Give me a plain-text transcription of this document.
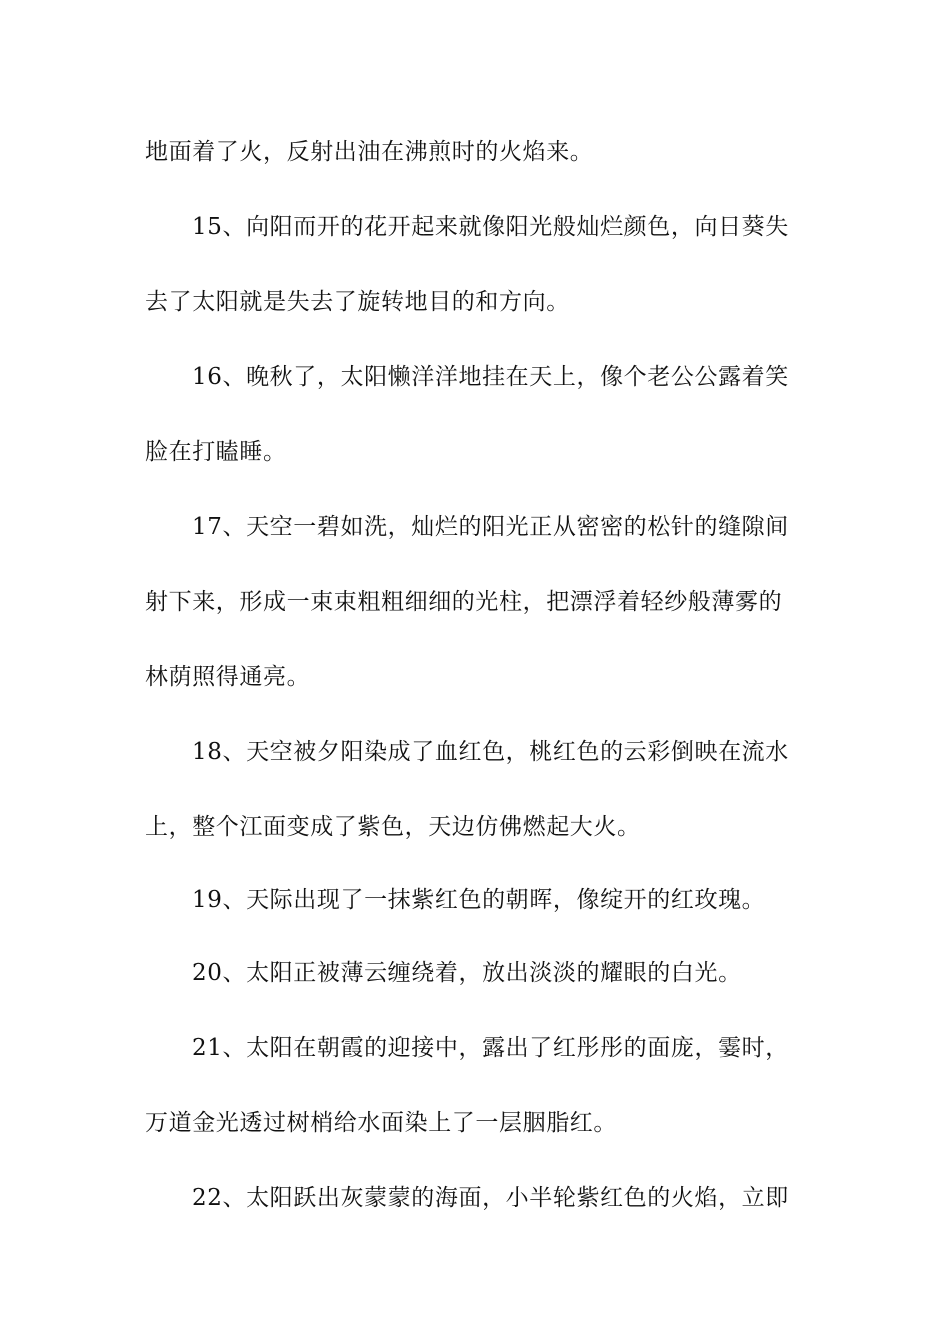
地面着了火，反射出油在沸煎时的火焰来。
15、向阳而开的花开起来就像阳光般灿烂颜色，向日葵失
去了太阳就是失去了旋转地目的和方向。
16、晚秋了，太阳懒洋洋地挂在天上，像个老公公露着笑
脸在打瞌睡。
17、天空一碧如洗，灿烂的阳光正从密密的松针的缝隙间
射下来，形成一束束粗粗细细的光柱，把漂浮着轻纱般薄雾的
林荫照得通亮。
18、天空被夕阳染成了血红色，桃红色的云彩倒映在流水
上，整个江面变成了紫色，天边仿佛燃起大火。
19、天际出现了一抹紫红色的朝晖，像绽开的红玫瑰。
20、太阳正被薄云缠绕着，放出淡淡的耀眼的白光。
21、太阳在朝霞的迎接中，露出了红彤彤的面庞，霎时，
万道金光透过树梢给水面染上了一层胭脂红。
22、太阳跃出灰蒙蒙的海面，小半轮紫红色的火焰，立即
